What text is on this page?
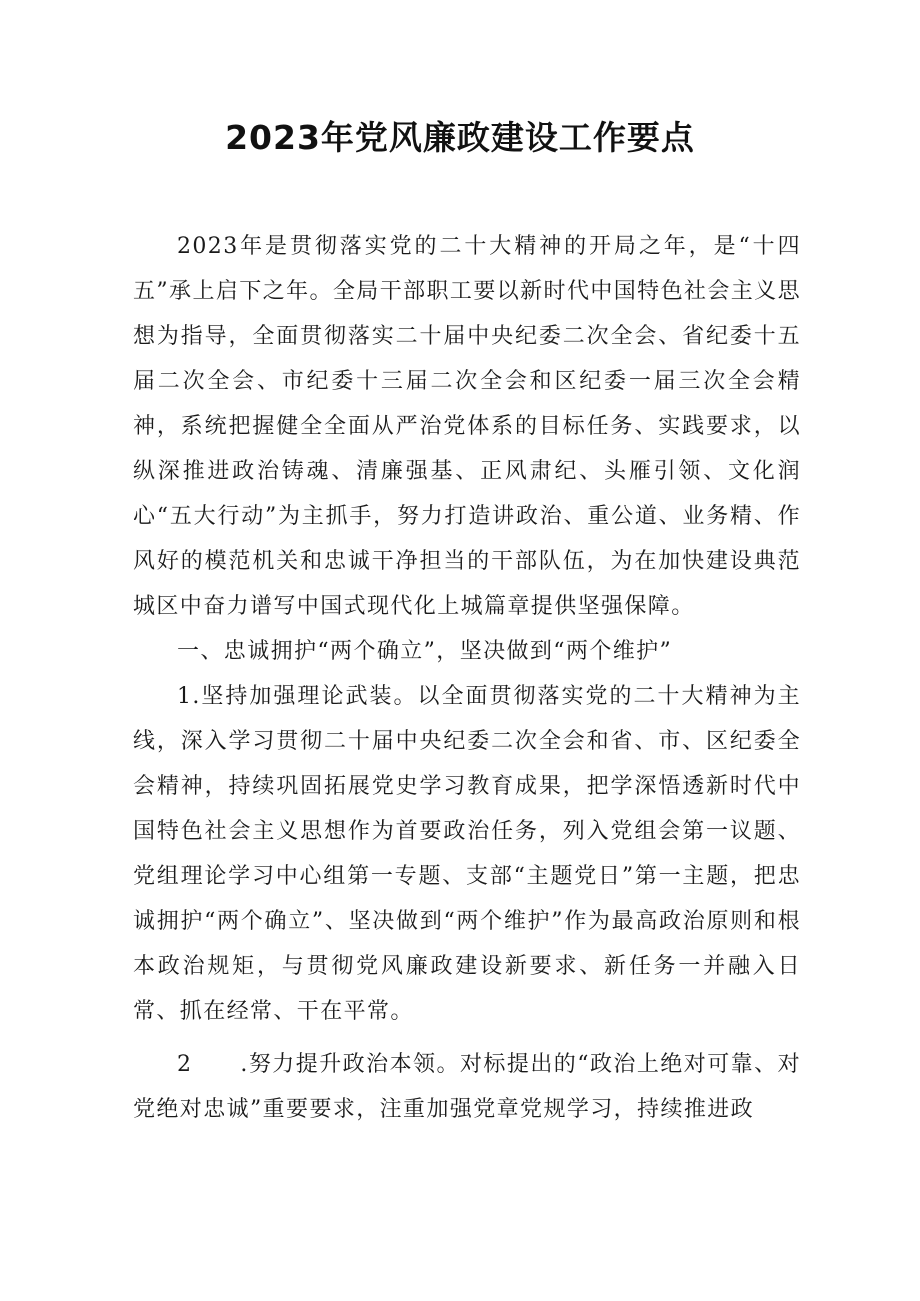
2023年党风廉政建设工作要点

2023年是贯彻落实党的二十大精神的开局之年，是“十四五”承上启下之年。全局干部职工要以新时代中国特色社会主义思想为指导，全面贯彻落实二十届中央纪委二次全会、省纪委十五届二次全会、市纪委十三届二次全会和区纪委一届三次全会精神，系统把握健全全面从严治党体系的目标任务、实践要求，以纵深推进政治铸魂、清廉强基、正风肃纪、头雁引领、文化润心“五大行动”为主抓手，努力打造讲政治、重公道、业务精、作风好的模范机关和忠诚干净担当的干部队伍，为在加快建设典范城区中奋力谱写中国式现代化上城篇章提供坚强保障。

一、忠诚拥护“两个确立”，坚决做到“两个维护”

1.坚持加强理论武装。以全面贯彻落实党的二十大精神为主线，深入学习贯彻二十届中央纪委二次全会和省、市、区纪委全会精神，持续巩固拓展党史学习教育成果，把学深悟透新时代中国特色社会主义思想作为首要政治任务，列入党组会第一议题、党组理论学习中心组第一专题、支部“主题党日”第一主题，把忠诚拥护“两个确立”、坚决做到“两个维护”作为最高政治原则和根本政治规矩，与贯彻党风廉政建设新要求、新任务一并融入日常、抓在经常、干在平常。

2 .努力提升政治本领。对标提出的“政治上绝对可靠、对党绝对忠诚”重要要求，注重加强党章党规学习，持续推进政
